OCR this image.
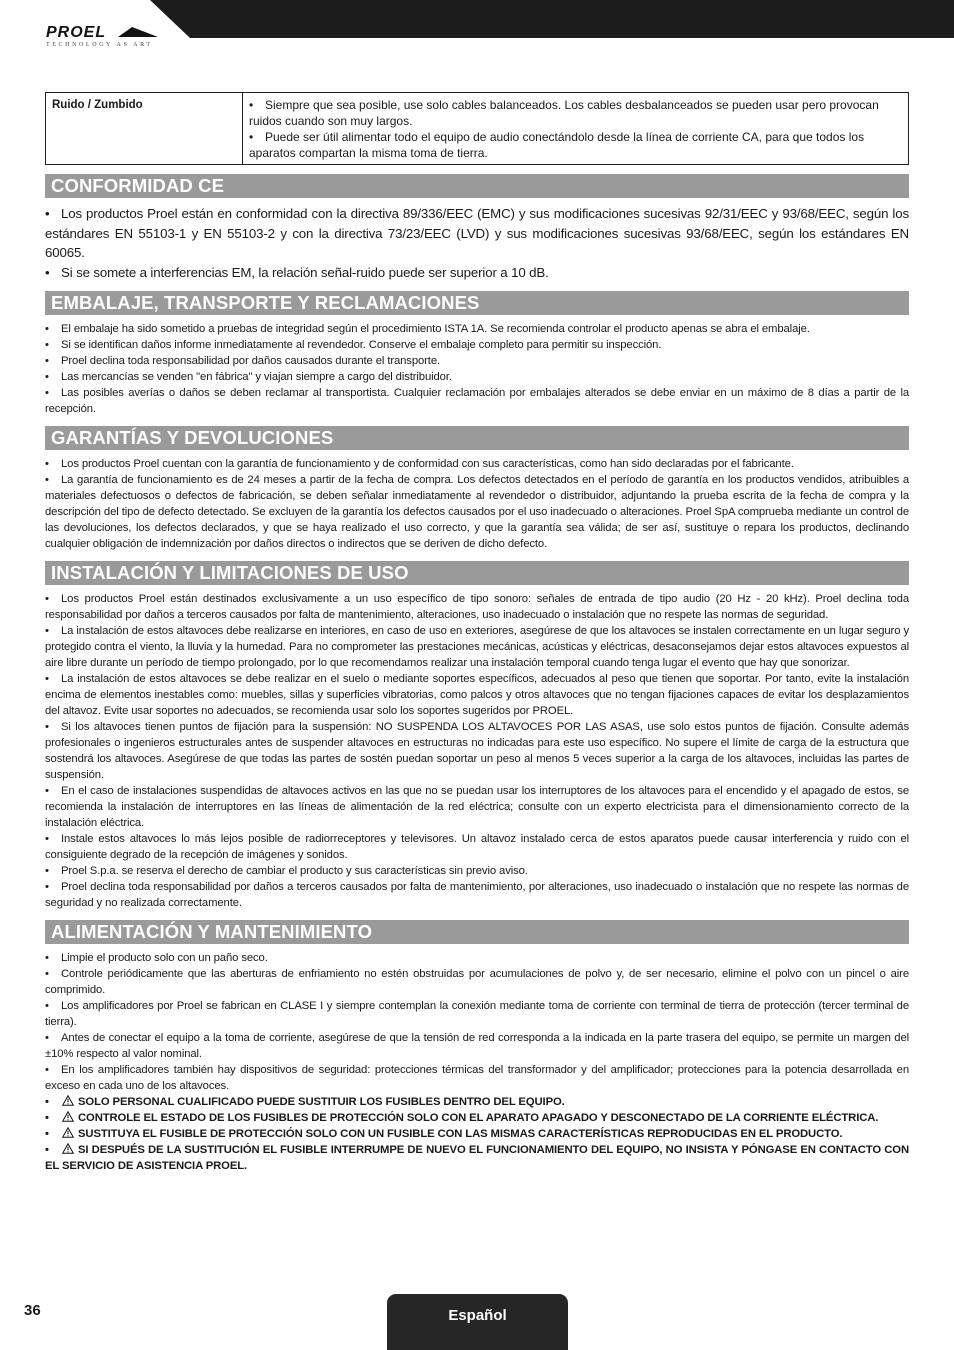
PROEL
TECHNOLOGY AS ART
Ruido / Zumbido	• Siempre que sea posible, use solo cables balanceados. Los cables desbalanceados se pueden usar pero provocan ruidos cuando son muy largos.
• Puede ser útil alimentar todo el equipo de audio conectándolo desde la línea de corriente CA, para que todos los aparatos compartan la misma toma de tierra.
CONFORMIDAD CE

• Los productos Proel están en conformidad con la directiva 89/336/EEC (EMC) y sus modificaciones sucesivas 92/31/EEC y 93/68/EEC, según los estándares EN 55103-1 y EN 55103-2 y con la directiva 73/23/EEC (LVD) y sus modificaciones sucesivas 93/68/EEC, según los estándares EN 60065.

• Si se somete a interferencias EM, la relación señal-ruido puede ser superior a 10 dB.

EMBALAJE, TRANSPORTE Y RECLAMACIONES

• El embalaje ha sido sometido a pruebas de integridad según el procedimiento ISTA 1A. Se recomienda controlar el producto apenas se abra el embalaje.

• Si se identifican daños informe inmediatamente al revendedor. Conserve el embalaje completo para permitir su inspección.

• Proel declina toda responsabilidad por daños causados durante el transporte.

• Las mercancías se venden "en fábrica" y viajan siempre a cargo del distribuidor.

• Las posibles averías o daños se deben reclamar al transportista. Cualquier reclamación por embalajes alterados se debe enviar en un máximo de 8 días a partir de la recepción.

GARANTÍAS Y DEVOLUCIONES

• Los productos Proel cuentan con la garantía de funcionamiento y de conformidad con sus características, como han sido declaradas por el fabricante.

• La garantía de funcionamiento es de 24 meses a partir de la fecha de compra. Los defectos detectados en el período de garantía en los productos vendidos, atribuibles a materiales defectuosos o defectos de fabricación, se deben señalar inmediatamente al revendedor o distribuidor, adjuntando la prueba escrita de la fecha de compra y la descripción del tipo de defecto detectado. Se excluyen de la garantía los defectos causados por el uso inadecuado o alteraciones. Proel SpA comprueba mediante un control de las devoluciones, los defectos declarados, y que se haya realizado el uso correcto, y que la garantía sea válida; de ser así, sustituye o repara los productos, declinando cualquier obligación de indemnización por daños directos o indirectos que se deriven de dicho defecto.

INSTALACIÓN Y LIMITACIONES DE USO

• Los productos Proel están destinados exclusivamente a un uso específico de tipo sonoro: señales de entrada de tipo audio (20 Hz - 20 kHz). Proel declina toda responsabilidad por daños a terceros causados por falta de mantenimiento, alteraciones, uso inadecuado o instalación que no respete las normas de seguridad.

• La instalación de estos altavoces debe realizarse en interiores, en caso de uso en exteriores, asegúrese de que los altavoces se instalen correctamente en un lugar seguro y protegido contra el viento, la lluvia y la humedad. Para no comprometer las prestaciones mecánicas, acústicas y eléctricas, desaconsejamos dejar estos altavoces expuestos al aire libre durante un período de tiempo prolongado, por lo que recomendamos realizar una instalación temporal cuando tenga lugar el evento que hay que sonorizar.

• La instalación de estos altavoces se debe realizar en el suelo o mediante soportes específicos, adecuados al peso que tienen que soportar. Por tanto, evite la instalación encima de elementos inestables como: muebles, sillas y superficies vibratorias, como palcos y otros altavoces que no tengan fijaciones capaces de evitar los desplazamientos del altavoz. Evite usar soportes no adecuados, se recomienda usar solo los soportes sugeridos por PROEL.

• Si los altavoces tienen puntos de fijación para la suspensión: NO SUSPENDA LOS ALTAVOCES POR LAS ASAS, use solo estos puntos de fijación. Consulte además profesionales o ingenieros estructurales antes de suspender altavoces en estructuras no indicadas para este uso específico. No supere el límite de carga de la estructura que sostendrá los altavoces. Asegúrese de que todas las partes de sostén puedan soportar un peso al menos 5 veces superior a la carga de los altavoces, incluidas las partes de suspensión.

• En el caso de instalaciones suspendidas de altavoces activos en las que no se puedan usar los interruptores de los altavoces para el encendido y el apagado de estos, se recomienda la instalación de interruptores en las líneas de alimentación de la red eléctrica; consulte con un experto electricista para el dimensionamiento correcto de la instalación eléctrica.

• Instale estos altavoces lo más lejos posible de radiorreceptores y televisores. Un altavoz instalado cerca de estos aparatos puede causar interferencia y ruido con el consiguiente degrado de la recepción de imágenes y sonidos.

• Proel S.p.a. se reserva el derecho de cambiar el producto y sus características sin previo aviso.

• Proel declina toda responsabilidad por daños a terceros causados por falta de mantenimiento, por alteraciones, uso inadecuado o instalación que no respete las normas de seguridad y no realizada correctamente.

ALIMENTACIÓN Y MANTENIMIENTO

• Limpie el producto solo con un paño seco.

• Controle periódicamente que las aberturas de enfriamiento no estén obstruidas por acumulaciones de polvo y, de ser necesario, elimine el polvo con un pincel o aire comprimido.

• Los amplificadores por Proel se fabrican en CLASE I y siempre contemplan la conexión mediante toma de corriente con terminal de tierra de protección (tercer terminal de tierra).

• Antes de conectar el equipo a la toma de corriente, asegúrese de que la tensión de red corresponda a la indicada en la parte trasera del equipo, se permite un margen del ±10% respecto al valor nominal.

• En los amplificadores también hay dispositivos de seguridad: protecciones térmicas del transformador y del amplificador; protecciones para la potencia desarrollada en exceso en cada uno de los altavoces.

•	SOLO PERSONAL CUALIFICADO PUEDE SUSTITUIR LOS FUSIBLES DENTRO DEL EQUIPO.

•	CONTROLE EL ESTADO DE LOS FUSIBLES DE PROTECCIÓN SOLO CON EL APARATO APAGADO Y DESCONECTADO DE LA CORRIENTE ELÉCTRICA.

•	SUSTITUYA EL FUSIBLE DE PROTECCIÓN SOLO CON UN FUSIBLE CON LAS MISMAS CARACTERÍSTICAS REPRODUCIDAS EN EL PRODUCTO.

•	SI DESPUÉS DE LA SUSTITUCIÓN EL FUSIBLE INTERRUMPE DE NUEVO EL FUNCIONAMIENTO DEL EQUIPO, NO INSISTA Y PÓNGASE EN CONTACTO CON EL SERVICIO DE ASISTENCIA PROEL.

36	Español
